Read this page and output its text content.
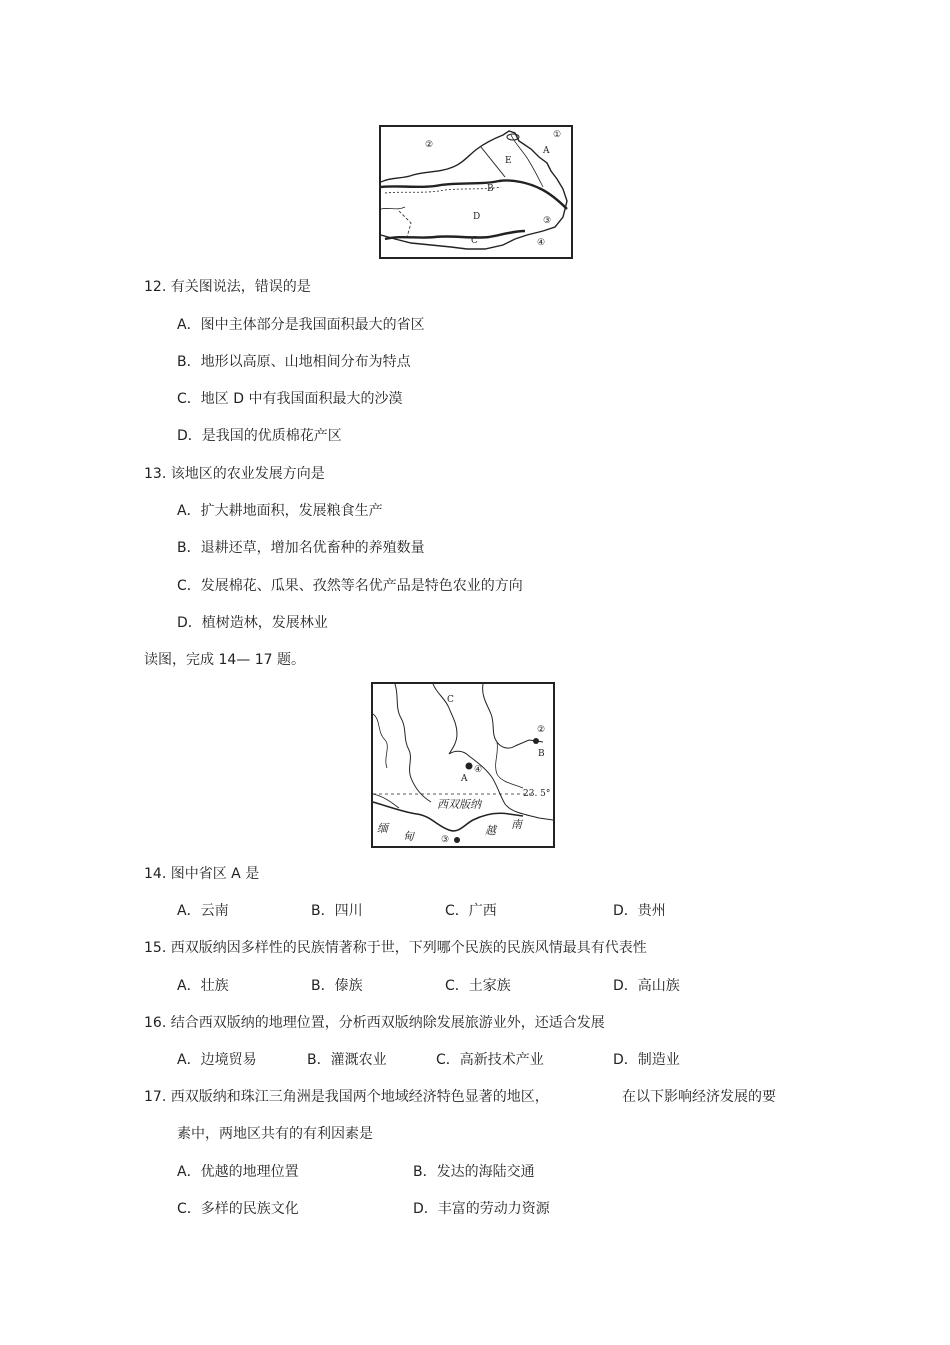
②
①
A
E
B
D
C
③
④
12. 有关图说法，错误的是
A．图中主体部分是我国面积最大的省区
B．地形以高原、山地相间分布为特点
C．地区 D 中有我国面积最大的沙漠
D．是我国的优质棉花产区
13. 该地区的农业发展方向是
A．扩大耕地面积，发展粮食生产
B．退耕还草，增加名优畜种的养殖数量
C．发展棉花、瓜果、孜然等名优产品是特色农业的方向
D．植树造林，发展林业
读图，完成 14— 17 题。
C
A
④
②
B
23. 5°
西双版纳
缅
甸	越 南
③
14. 图中省区 A 是
A．云南	B．四川	C．广西	D．贵州
15. 西双版纳因多样性的民族情著称于世，下列哪个民族的民族风情最具有代表性
A．壮族	B．傣族	C．土家族	D．高山族
16. 结合西双版纳的地理位置，分析西双版纳除发展旅游业外，还适合发展
A．边境贸易	B．灌溉农业	C．高新技术产业	D．制造业
17. 西双版纳和珠江三角洲是我国两个地域经济特色显著的地区，	在以下影响经济发展的要
素中，两地区共有的有利因素是
A．优越的地理位置	B．发达的海陆交通
C．多样的民族文化	D．丰富的劳动力资源
